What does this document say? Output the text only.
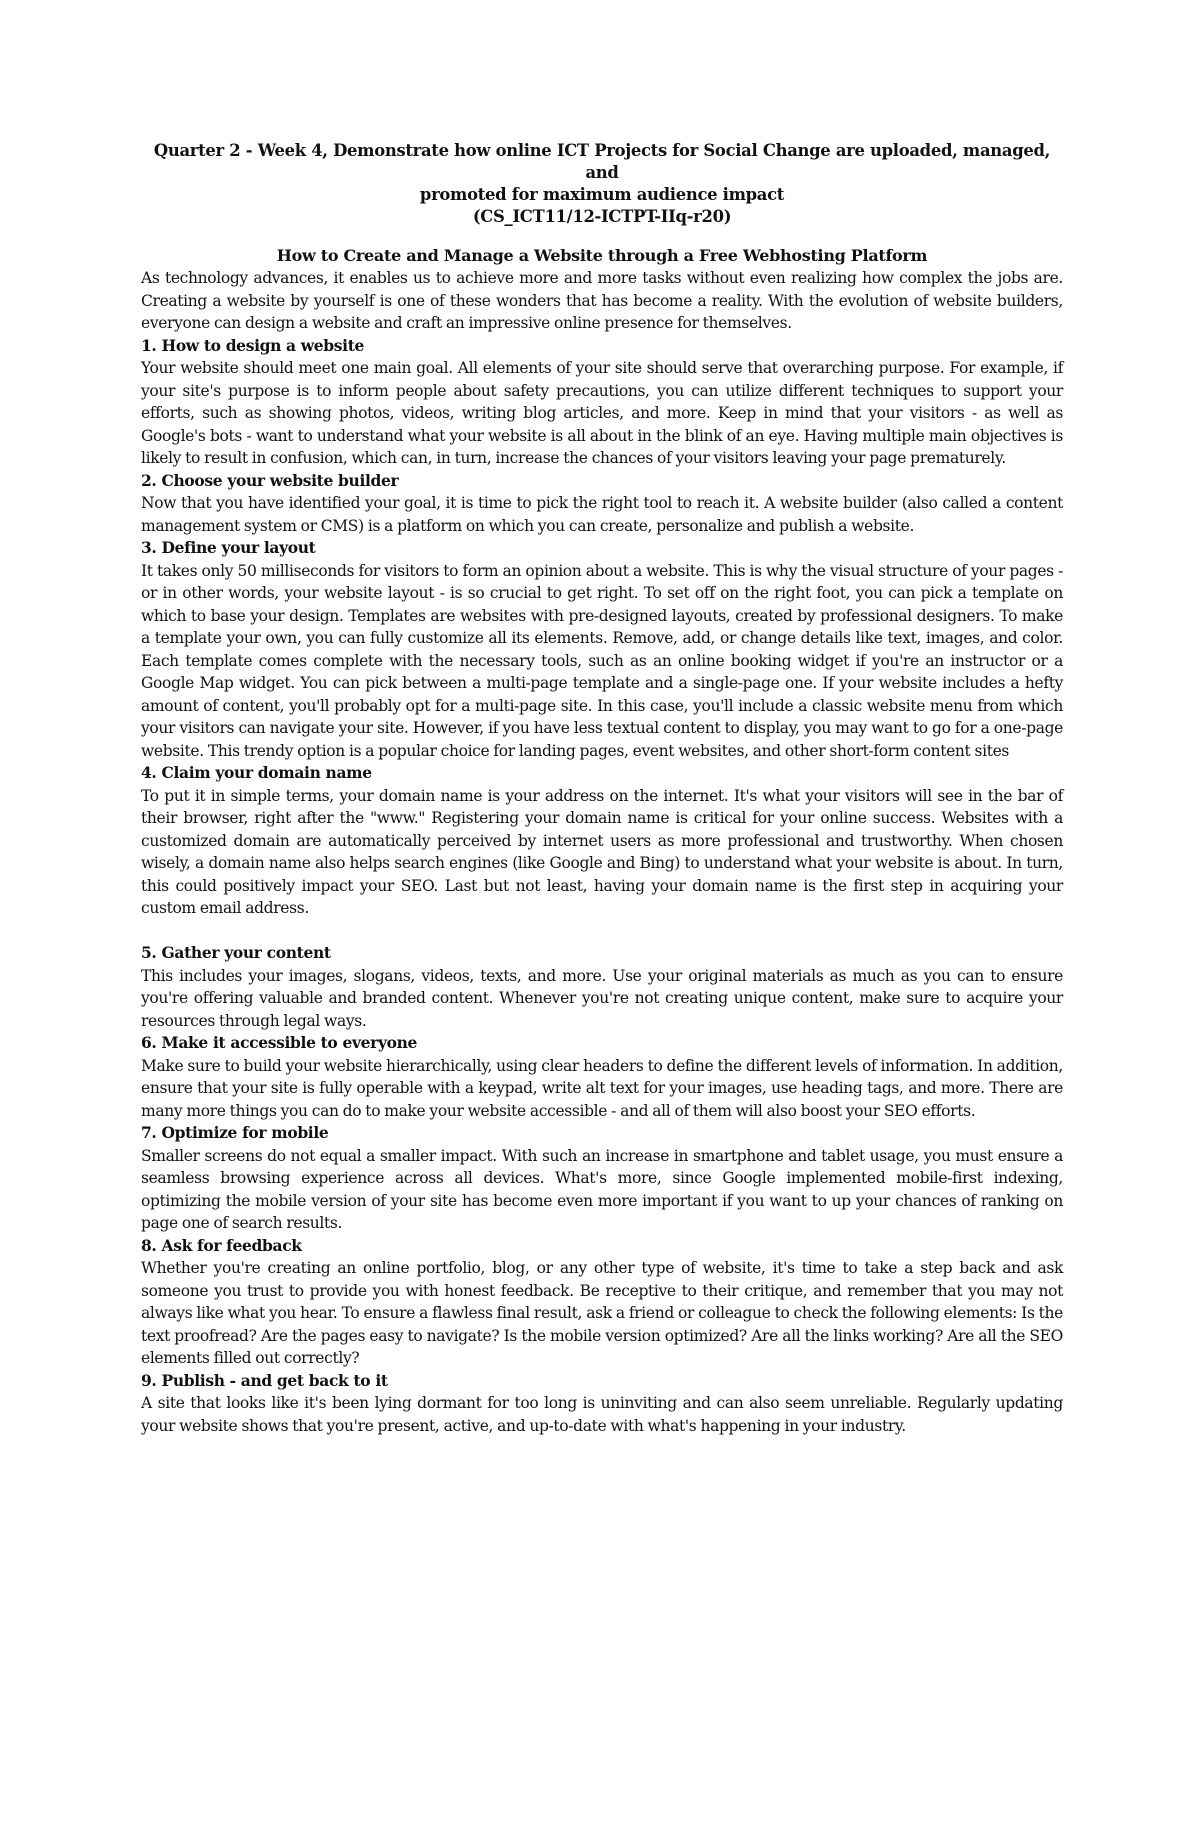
Quarter 2 - Week 4, Demonstrate how online ICT Projects for Social Change are uploaded, managed, and
promoted for maximum audience impact
(CS_ICT11/12-ICTPT-IIq-r20)
How to Create and Manage a Website through a Free Webhosting Platform
As technology advances, it enables us to achieve more and more tasks without even realizing how complex the jobs are. Creating a website by yourself is one of these wonders that has become a reality. With the evolution of website builders, everyone can design a website and craft an impressive online presence for themselves.
1. How to design a website
Your website should meet one main goal. All elements of your site should serve that overarching purpose. For example, if your site's purpose is to inform people about safety precautions, you can utilize different techniques to support your efforts, such as showing photos, videos, writing blog articles, and more. Keep in mind that your visitors - as well as Google's bots - want to understand what your website is all about in the blink of an eye. Having multiple main objectives is likely to result in confusion, which can, in turn, increase the chances of your visitors leaving your page prematurely.
2. Choose your website builder
Now that you have identified your goal, it is time to pick the right tool to reach it. A website builder (also called a content management system or CMS) is a platform on which you can create, personalize and publish a website.
3. Define your layout
It takes only 50 milliseconds for visitors to form an opinion about a website. This is why the visual structure of your pages - or in other words, your website layout - is so crucial to get right. To set off on the right foot, you can pick a template on which to base your design. Templates are websites with pre-designed layouts, created by professional designers. To make a template your own, you can fully customize all its elements. Remove, add, or change details like text, images, and color. Each template comes complete with the necessary tools, such as an online booking widget if you're an instructor or a Google Map widget. You can pick between a multi-page template and a single-page one. If your website includes a hefty amount of content, you'll probably opt for a multi-page site. In this case, you'll include a classic website menu from which your visitors can navigate your site. However, if you have less textual content to display, you may want to go for a one-page website. This trendy option is a popular choice for landing pages, event websites, and other short-form content sites
4. Claim your domain name
To put it in simple terms, your domain name is your address on the internet. It's what your visitors will see in the bar of their browser, right after the "www." Registering your domain name is critical for your online success. Websites with a customized domain are automatically perceived by internet users as more professional and trustworthy. When chosen wisely, a domain name also helps search engines (like Google and Bing) to understand what your website is about. In turn, this could positively impact your SEO. Last but not least, having your domain name is the first step in acquiring your custom email address.
5. Gather your content
This includes your images, slogans, videos, texts, and more. Use your original materials as much as you can to ensure you're offering valuable and branded content. Whenever you're not creating unique content, make sure to acquire your resources through legal ways.
6. Make it accessible to everyone
Make sure to build your website hierarchically, using clear headers to define the different levels of information. In addition, ensure that your site is fully operable with a keypad, write alt text for your images, use heading tags, and more. There are many more things you can do to make your website accessible - and all of them will also boost your SEO efforts.
7. Optimize for mobile
Smaller screens do not equal a smaller impact. With such an increase in smartphone and tablet usage, you must ensure a seamless browsing experience across all devices. What's more, since Google implemented mobile-first indexing, optimizing the mobile version of your site has become even more important if you want to up your chances of ranking on page one of search results.
8. Ask for feedback
Whether you're creating an online portfolio, blog, or any other type of website, it's time to take a step back and ask someone you trust to provide you with honest feedback. Be receptive to their critique, and remember that you may not always like what you hear. To ensure a flawless final result, ask a friend or colleague to check the following elements: Is the text proofread? Are the pages easy to navigate? Is the mobile version optimized? Are all the links working? Are all the SEO elements filled out correctly?
9. Publish - and get back to it
A site that looks like it's been lying dormant for too long is uninviting and can also seem unreliable. Regularly updating your website shows that you're present, active, and up-to-date with what's happening in your industry.
